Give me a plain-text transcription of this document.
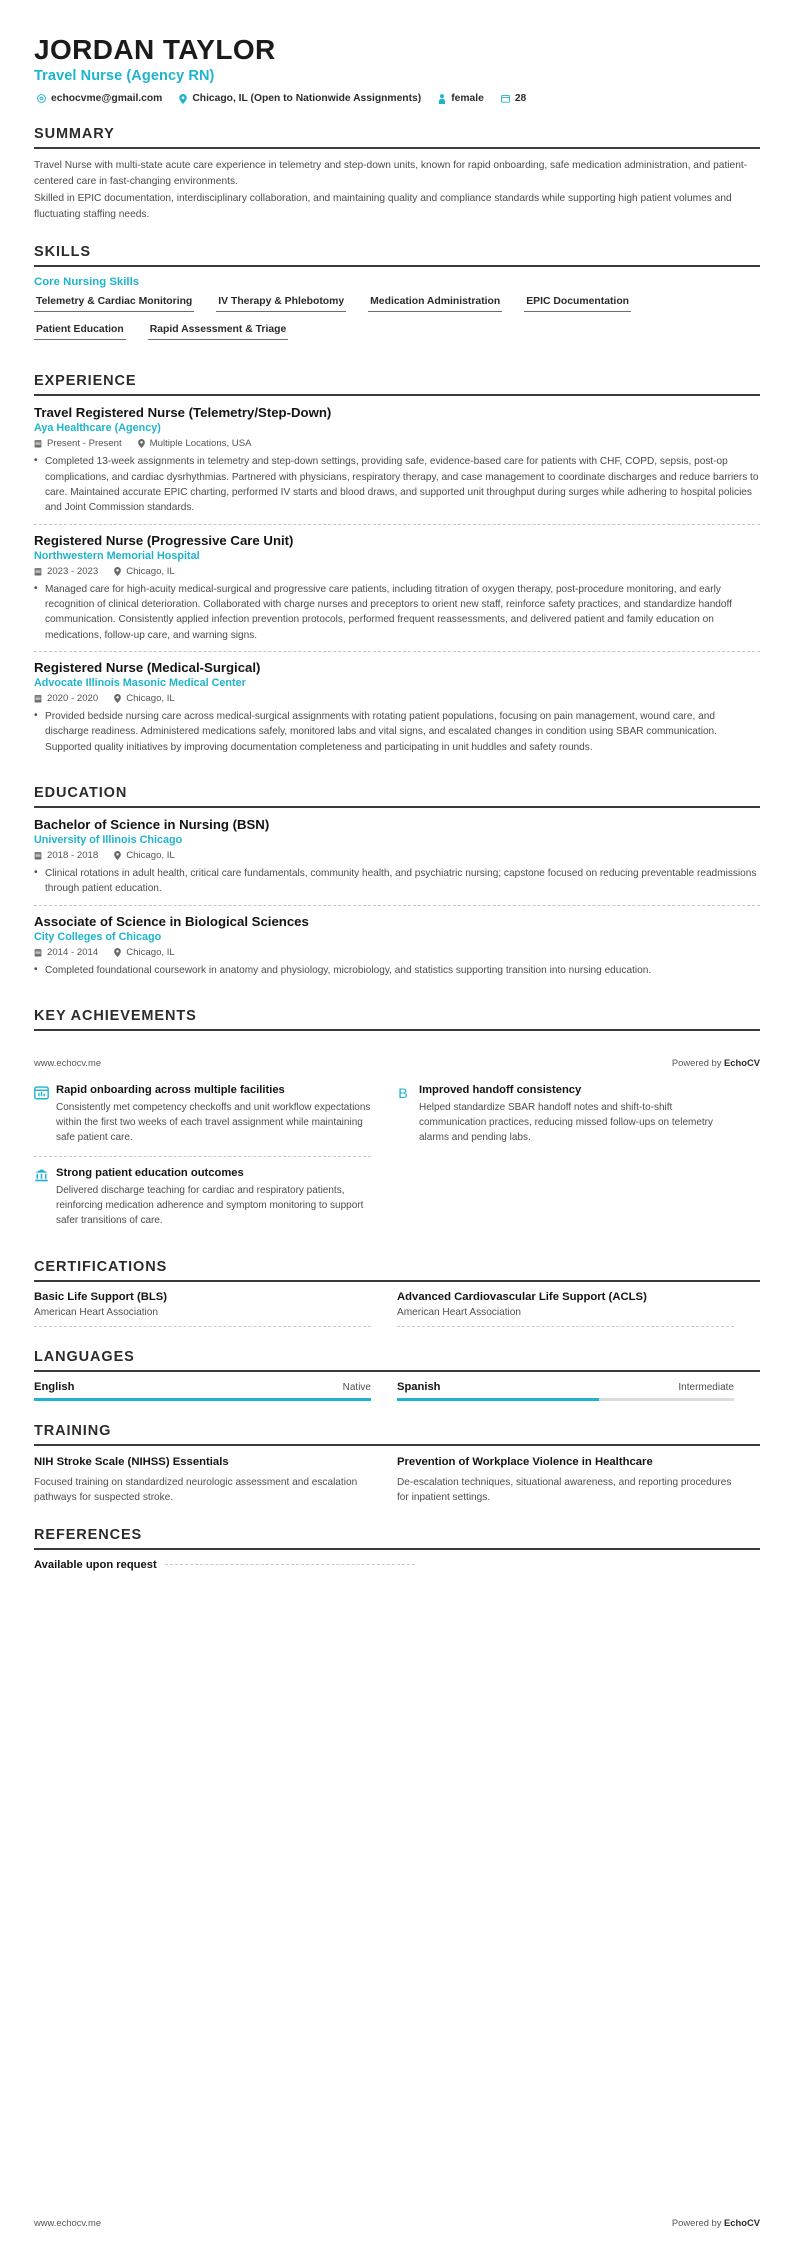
JORDAN TAYLOR
Travel Nurse (Agency RN)
echocvme@gmail.com	Chicago, IL (Open to Nationwide Assignments)	female	28
SUMMARY

Travel Nurse with multi-state acute care experience in telemetry and step-down units, known for rapid onboarding, safe medication administration, and patient-centered care in fast-changing environments.

Skilled in EPIC documentation, interdisciplinary collaboration, and maintaining quality and compliance standards while supporting high patient volumes and fluctuating staffing needs.

SKILLS
Core Nursing Skills
Telemetry & Cardiac Monitoring	IV Therapy & Phlebotomy	Medication Administration	EPIC Documentation
Patient Education	Rapid Assessment & Triage
EXPERIENCE
Travel Registered Nurse (Telemetry/Step-Down)
Aya Healthcare (Agency)
Present - Present	Multiple Locations, USA
• Completed 13-week assignments in telemetry and step-down settings, providing safe, evidence-based care for patients with CHF, COPD, sepsis, post-op complications, and cardiac dysrhythmias. Partnered with physicians, respiratory therapy, and case management to coordinate discharges and reduce barriers to care. Maintained accurate EPIC charting, performed IV starts and blood draws, and supported unit throughput during surges while adhering to hospital policies and Joint Commission standards.
Registered Nurse (Progressive Care Unit)
Northwestern Memorial Hospital
2023 - 2023	Chicago, IL
• Managed care for high-acuity medical-surgical and progressive care patients, including titration of oxygen therapy, post-procedure monitoring, and early recognition of clinical deterioration. Collaborated with charge nurses and preceptors to orient new staff, reinforce safety practices, and standardize handoff communication. Consistently applied infection prevention protocols, performed frequent reassessments, and delivered patient and family education on medications, follow-up care, and warning signs.
Registered Nurse (Medical-Surgical)
Advocate Illinois Masonic Medical Center
2020 - 2020	Chicago, IL
• Provided bedside nursing care across medical-surgical assignments with rotating patient populations, focusing on pain management, wound care, and discharge readiness. Administered medications safely, monitored labs and vital signs, and escalated changes in condition using SBAR communication. Supported quality initiatives by improving documentation completeness and participating in unit huddles and safety rounds.
EDUCATION
Bachelor of Science in Nursing (BSN)
University of Illinois Chicago
2018 - 2018	Chicago, IL
• Clinical rotations in adult health, critical care fundamentals, community health, and psychiatric nursing; capstone focused on reducing preventable readmissions through patient education.
Associate of Science in Biological Sciences
City Colleges of Chicago
2014 - 2014	Chicago, IL
• Completed foundational coursework in anatomy and physiology, microbiology, and statistics supporting transition into nursing education.
KEY ACHIEVEMENTS
www.echocv.me	Powered by EchoCV
Rapid onboarding across multiple facilities
Consistently met competency checkoffs and unit workflow expectations within the first two weeks of each travel assignment while maintaining safe patient care.
Strong patient education outcomes
Delivered discharge teaching for cardiac and respiratory patients, reinforcing medication adherence and symptom monitoring to support safer transitions of care.
B Improved handoff consistency
Helped standardize SBAR handoff notes and shift-to-shift communication practices, reducing missed follow-ups on telemetry alarms and pending labs.
CERTIFICATIONS
Basic Life Support (BLS)
American Heart Association
Advanced Cardiovascular Life Support (ACLS)
American Heart Association
LANGUAGES
English	Native Spanish	Intermediate
TRAINING
NIH Stroke Scale (NIHSS) Essentials
Focused training on standardized neurologic assessment and escalation pathways for suspected stroke.
Prevention of Workplace Violence in Healthcare
De-escalation techniques, situational awareness, and reporting procedures for inpatient settings.
REFERENCES
Available upon request
www.echocv.me	Powered by EchoCV
